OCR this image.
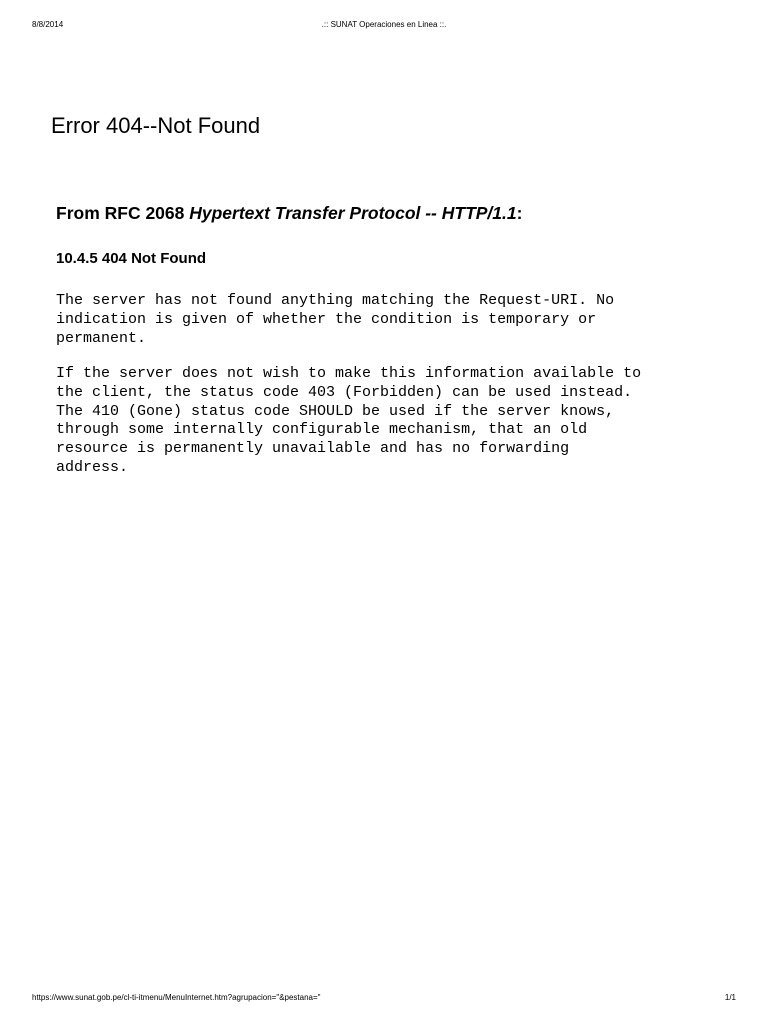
8/8/2014	.:: SUNAT Operaciones en Linea ::.
Error 404--Not Found
From RFC 2068 Hypertext Transfer Protocol -- HTTP/1.1:
10.4.5 404 Not Found
The server has not found anything matching the Request-URI. No
indication is given of whether the condition is temporary or
permanent.
If the server does not wish to make this information available to
the client, the status code 403 (Forbidden) can be used instead.
The 410 (Gone) status code SHOULD be used if the server knows,
through some internally configurable mechanism, that an old
resource is permanently unavailable and has no forwarding
address.
https://www.sunat.gob.pe/cl-ti-itmenu/MenuInternet.htm?agrupacion="&pestana="	1/1
